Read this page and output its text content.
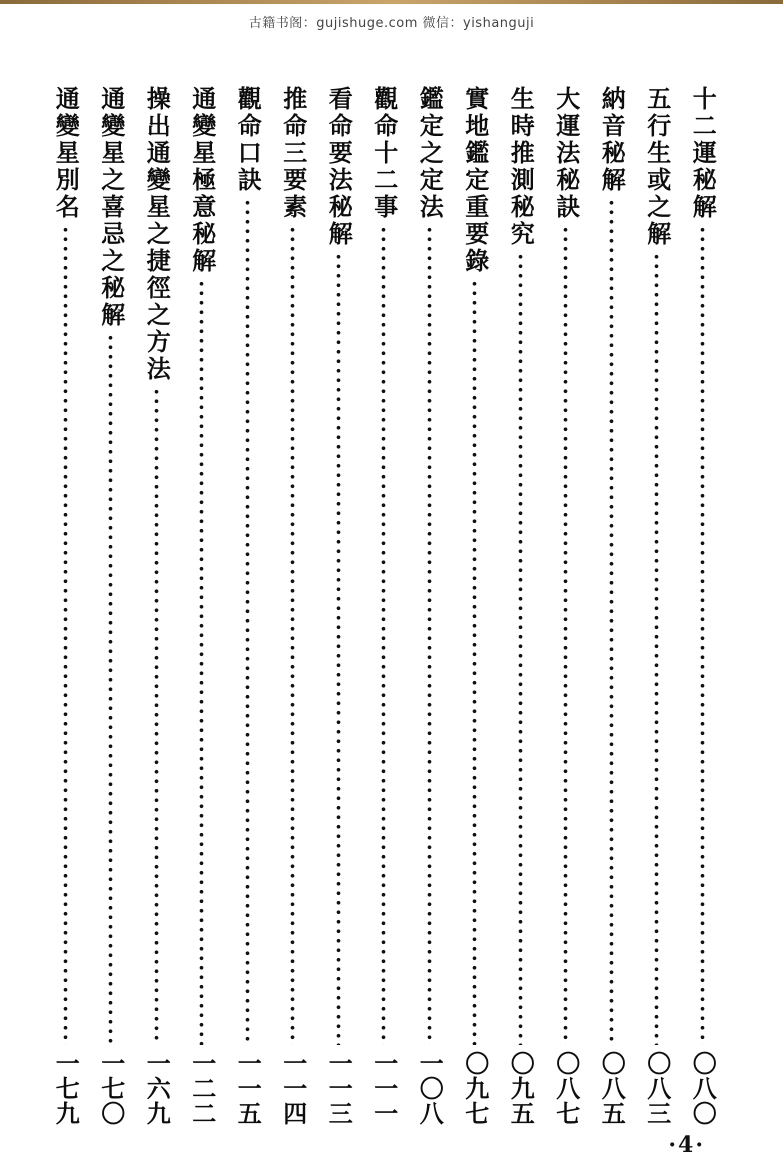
古籍书阁：gujishuge.com 微信：yishanguji
十二運秘解
〇八〇
五行生或之解
〇八三
納音秘解
〇八五
大運法秘訣
〇八七
生時推測秘究
〇九五
實地鑑定重要錄
〇九七
鑑定之定法
一〇八
觀命十二事
一一一
看命要法秘解
一一三
推命三要素
一一四
觀命口訣
一一五
通變星極意秘解
一二二
操出通變星之捷徑之方法
一六九
通變星之喜忌之秘解
一七〇
通變星別名
一七九
·4·
